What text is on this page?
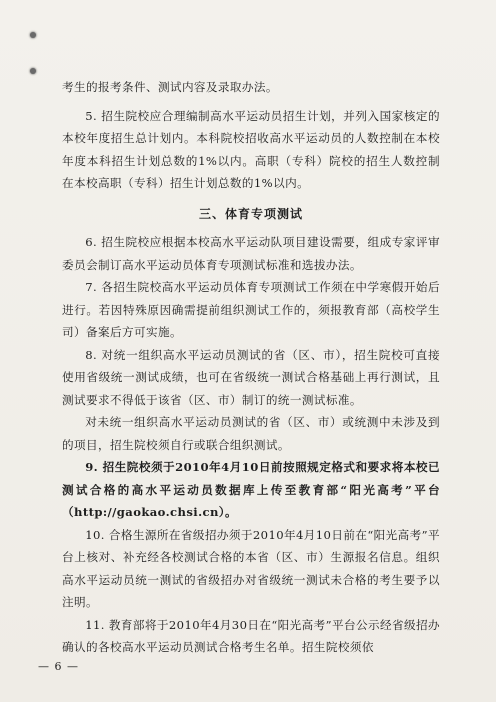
考生的报考条件、测试内容及录取办法。

5. 招生院校应合理编制高水平运动员招生计划，并列入国家核定的本校年度招生总计划内。本科院校招收高水平运动员的人数控制在本校年度本科招生计划总数的1%以内。高职（专科）院校的招生人数控制在本校高职（专科）招生计划总数的1%以内。

三、体育专项测试

6. 招生院校应根据本校高水平运动队项目建设需要，组成专家评审委员会制订高水平运动员体育专项测试标准和选拔办法。

7. 各招生院校高水平运动员体育专项测试工作须在中学寒假开始后进行。若因特殊原因确需提前组织测试工作的，须报教育部（高校学生司）备案后方可实施。

8. 对统一组织高水平运动员测试的省（区、市），招生院校可直接使用省级统一测试成绩，也可在省级统一测试合格基础上再行测试，且测试要求不得低于该省（区、市）制订的统一测试标准。

对未统一组织高水平运动员测试的省（区、市）或统测中未涉及到的项目，招生院校须自行或联合组织测试。

9. 招生院校须于2010年4月10日前按照规定格式和要求将本校已测试合格的高水平运动员数据库上传至教育部“阳光高考”平台（http://gaokao.chsi.cn）。

10. 合格生源所在省级招办须于2010年4月10日前在“阳光高考”平台上核对、补充经各校测试合格的本省（区、市）生源报名信息。组织高水平运动员统一测试的省级招办对省级统一测试未合格的考生要予以注明。

11. 教育部将于2010年4月30日在“阳光高考”平台公示经省级招办确认的各校高水平运动员测试合格考生名单。招生院校须依

— 6 —
